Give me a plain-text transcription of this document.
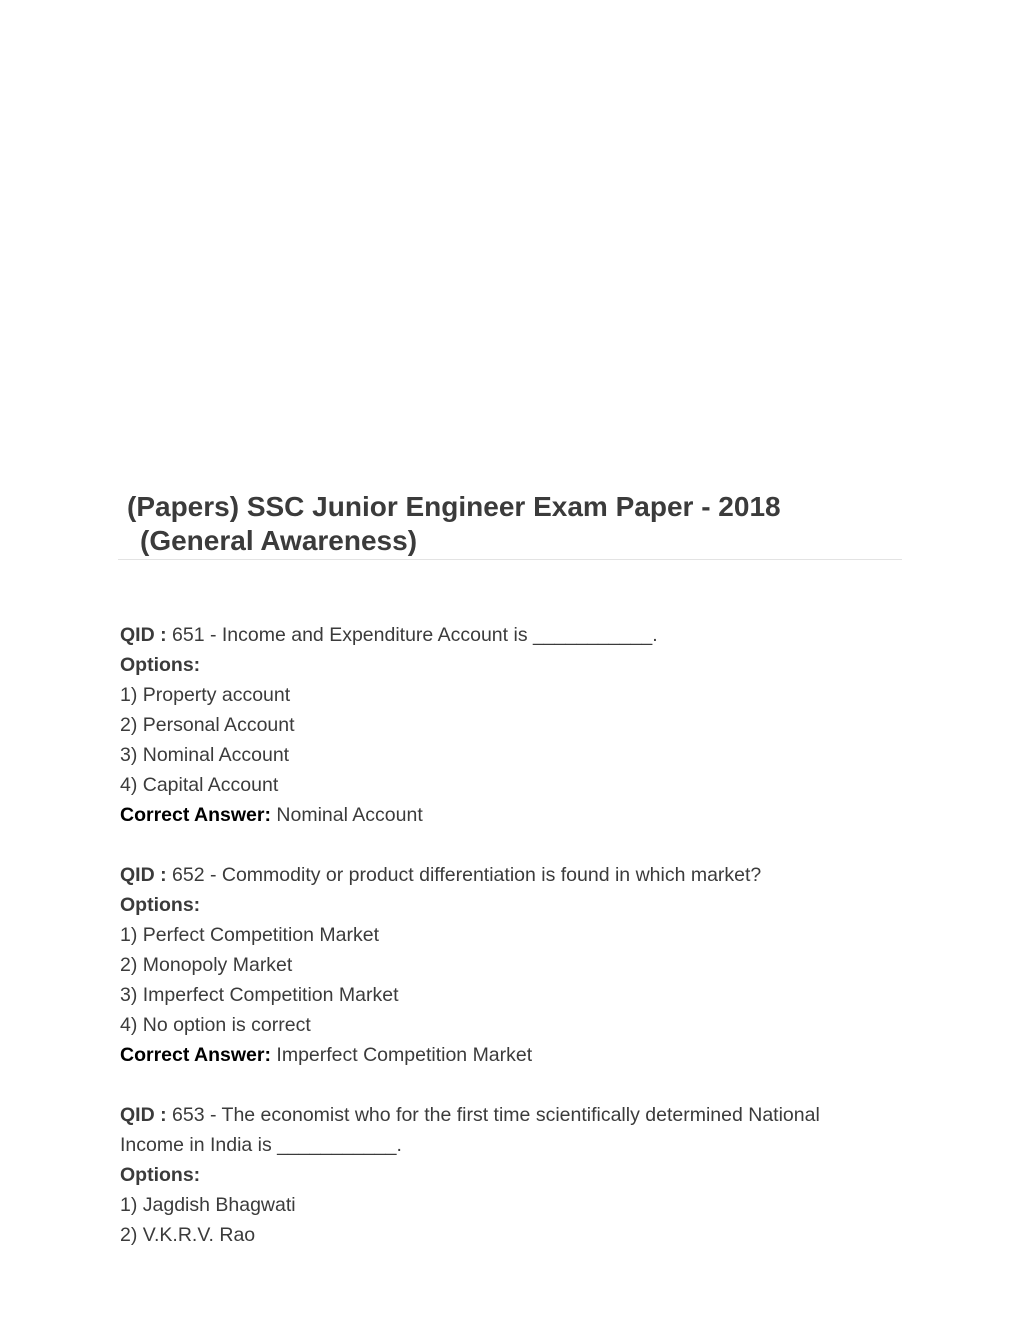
(Papers) SSC Junior Engineer Exam Paper - 2018
(General Awareness)
QID : 651 - Income and Expenditure Account is ___________.
Options:
1) Property account
2) Personal Account
3) Nominal Account
4) Capital Account
Correct Answer: Nominal Account
QID : 652 - Commodity or product differentiation is found in which market?
Options:
1) Perfect Competition Market
2) Monopoly Market
3) Imperfect Competition Market
4) No option is correct
Correct Answer: Imperfect Competition Market
QID : 653 - The economist who for the first time scientifically determined National
Income in India is ___________.
Options:
1) Jagdish Bhagwati
2) V.K.R.V. Rao
